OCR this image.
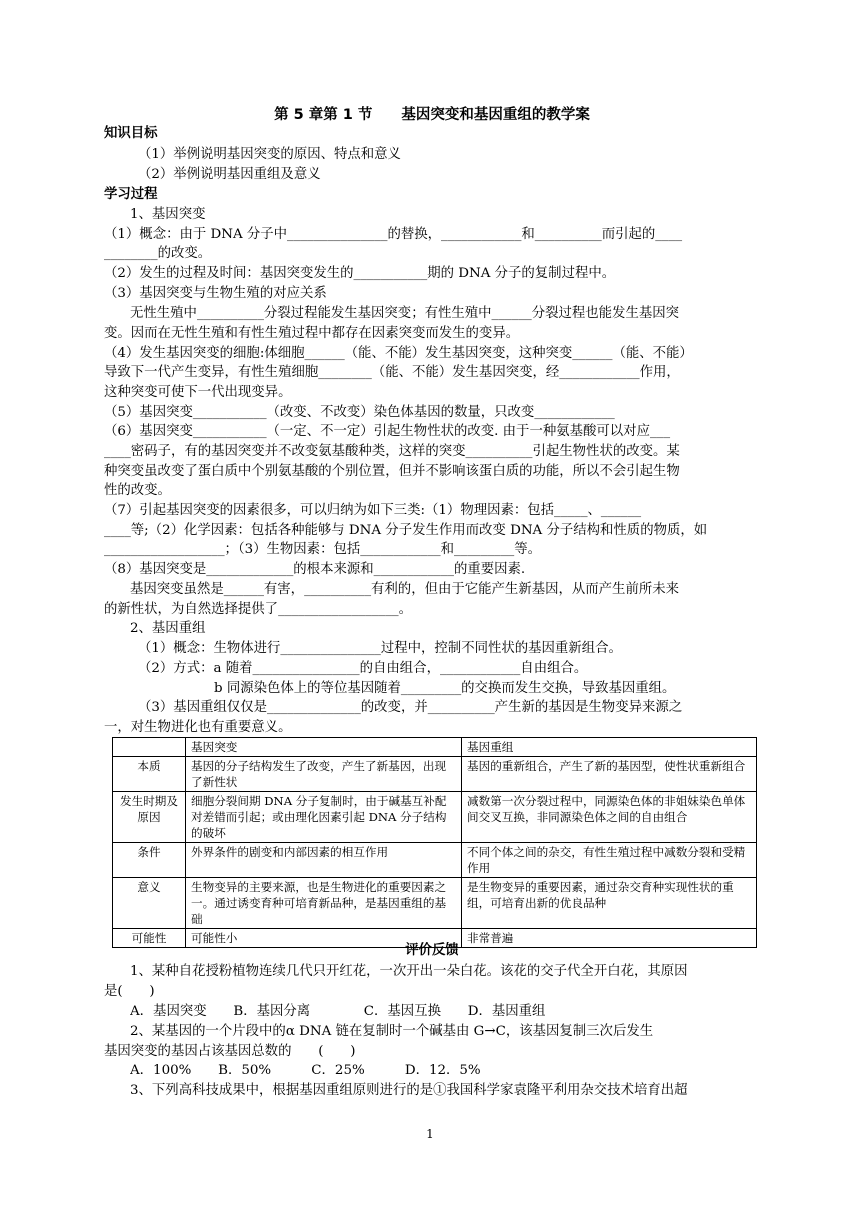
第 5 章第 1 节　　基因突变和基因重组的教学案
知识目标
（1）举例说明基因突变的原因、特点和意义
（2）举例说明基因重组及意义
学习过程
1、基因突变
（1）概念：由于 DNA 分子中_______________的替换，____________和__________而引起的____
________的改变。
（2）发生的过程及时间：基因突变发生的___________期的 DNA 分子的复制过程中。
（3）基因突变与生物生殖的对应关系
无性生殖中__________分裂过程能发生基因突变；有性生殖中______分裂过程也能发生基因突
变。因而在无性生殖和有性生殖过程中都存在因素突变而发生的变异。
（4）发生基因突变的细胞:体细胞______（能、不能）发生基因突变，这种突变______（能、不能）
导致下一代产生变异，有性生殖细胞________（能、不能）发生基因突变，经____________作用，
这种突变可使下一代出现变异。
（5）基因突变___________（改变、不改变）染色体基因的数量，只改变____________
（6）基因突变___________（一定、不一定）引起生物性状的改变. 由于一种氨基酸可以对应___
____密码子，有的基因突变并不改变氨基酸种类，这样的突变__________引起生物性状的改变。某
种突变虽改变了蛋白质中个别氨基酸的个别位置，但并不影响该蛋白质的功能，所以不会引起生物
性的改变。
（7）引起基因突变的因素很多，可以归纳为如下三类:（1）物理因素：包括_____、______
____等;（2）化学因素：包括各种能够与 DNA 分子发生作用而改变 DNA 分子结构和性质的物质，如
__________________；（3）生物因素：包括____________和_________等。
（8）基因突变是_____________的根本来源和____________的重要因素.
基因突变虽然是______有害，__________有利的，但由于它能产生新基因，从而产生前所未来
的新性状，为自然选择提供了__________________。
2、基因重组
（1）概念：生物体进行_______________过程中，控制不同性状的基因重新组合。
（2）方式：a 随着________________的自由组合，____________自由组合。
b 同源染色体上的等位基因随着_________的交换而发生交换，导致基因重组。
（3）基因重组仅仅是______________的改变，并__________产生新的基因是生物变异来源之
一，对生物进化也有重要意义。
	基因突变	基因重组
本质	基因的分子结构发生了改变，产生了新基因，出现了新性状	基因的重新组合，产生了新的基因型，使性状重新组合
发生时期及原因	细胞分裂间期 DNA 分子复制时，由于碱基互补配对差错而引起；或由理化因素引起 DNA 分子结构的破坏	减数第一次分裂过程中，同源染色体的非姐妹染色单体间交叉互换，非同源染色体之间的自由组合
条件	外界条件的剧变和内部因素的相互作用	不同个体之间的杂交，有性生殖过程中减数分裂和受精作用
意义	生物变异的主要来源，也是生物进化的重要因素之一。通过诱变育种可培育新品种，是基因重组的基础	是生物变异的重要因素，通过杂交育种实现性状的重组，可培育出新的优良品种
可能性	可能性小	非常普遍
评价反馈
1、某种自花授粉植物连续几代只开红花，一次开出一朵白花。该花的交子代全开白花，其原因
是(　　)
A．基因突变　　B．基因分离　　　　C．基因互换　　D．基因重组
2、某基因的一个片段中的α DNA 链在复制时一个碱基由 G→C，该基因复制三次后发生
基因突变的基因占该基因总数的　　(　　)
A．100%　　B．50%　　　C．25%　　　D．12．5%
3、下列高科技成果中，根据基因重组原则进行的是①我国科学家袁隆平利用杂交技术培育出超
1
